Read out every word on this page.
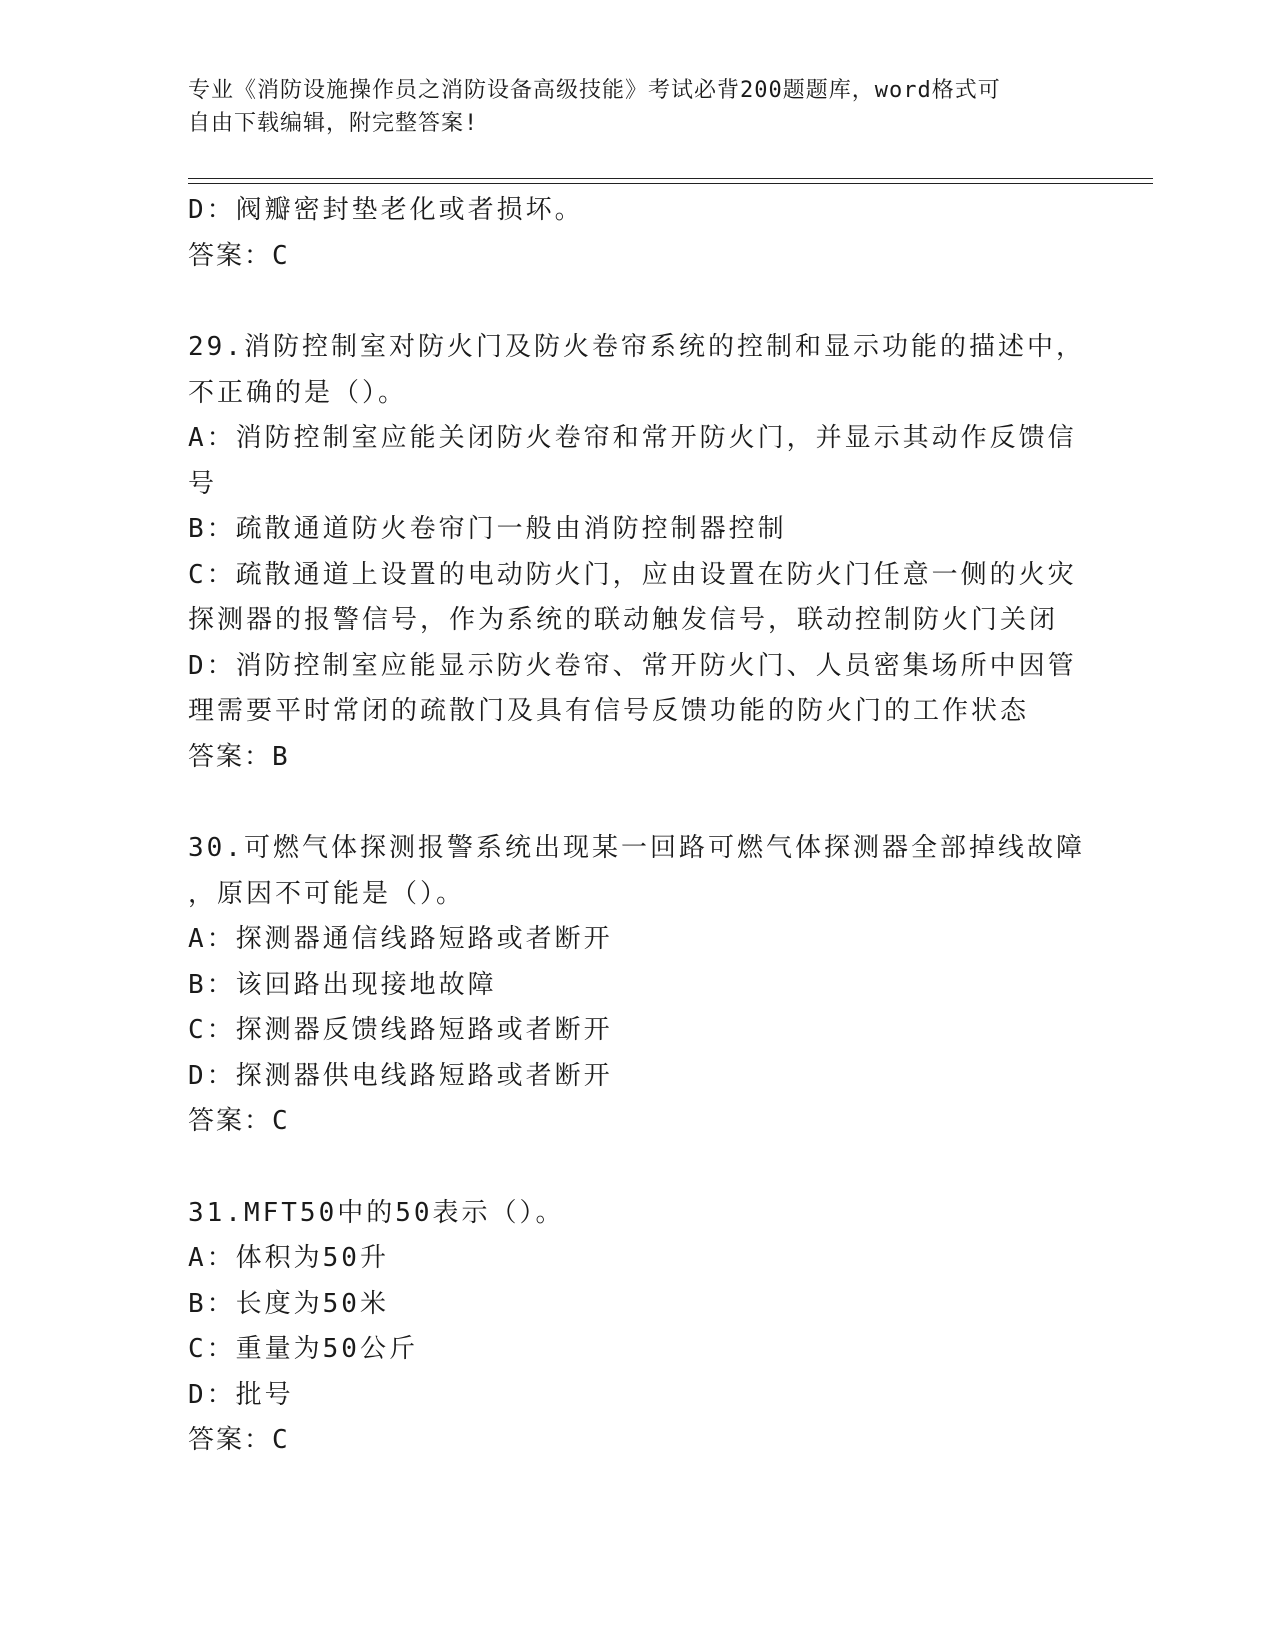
专业《消防设施操作员之消防设备高级技能》考试必背200题题库，word格式可
自由下载编辑，附完整答案!
D：阀瓣密封垫老化或者损坏。
答案：C
29.消防控制室对防火门及防火卷帘系统的控制和显示功能的描述中，
不正确的是（）。
A：消防控制室应能关闭防火卷帘和常开防火门，并显示其动作反馈信
号
B：疏散通道防火卷帘门一般由消防控制器控制
C：疏散通道上设置的电动防火门，应由设置在防火门任意一侧的火灾
探测器的报警信号，作为系统的联动触发信号，联动控制防火门关闭
D：消防控制室应能显示防火卷帘、常开防火门、人员密集场所中因管
理需要平时常闭的疏散门及具有信号反馈功能的防火门的工作状态
答案：B
30.可燃气体探测报警系统出现某一回路可燃气体探测器全部掉线故障
，原因不可能是（）。
A：探测器通信线路短路或者断开
B：该回路出现接地故障
C：探测器反馈线路短路或者断开
D：探测器供电线路短路或者断开
答案：C
31.MFT50中的50表示（）。
A：体积为50升
B：长度为50米
C：重量为50公斤
D：批号
答案：C
